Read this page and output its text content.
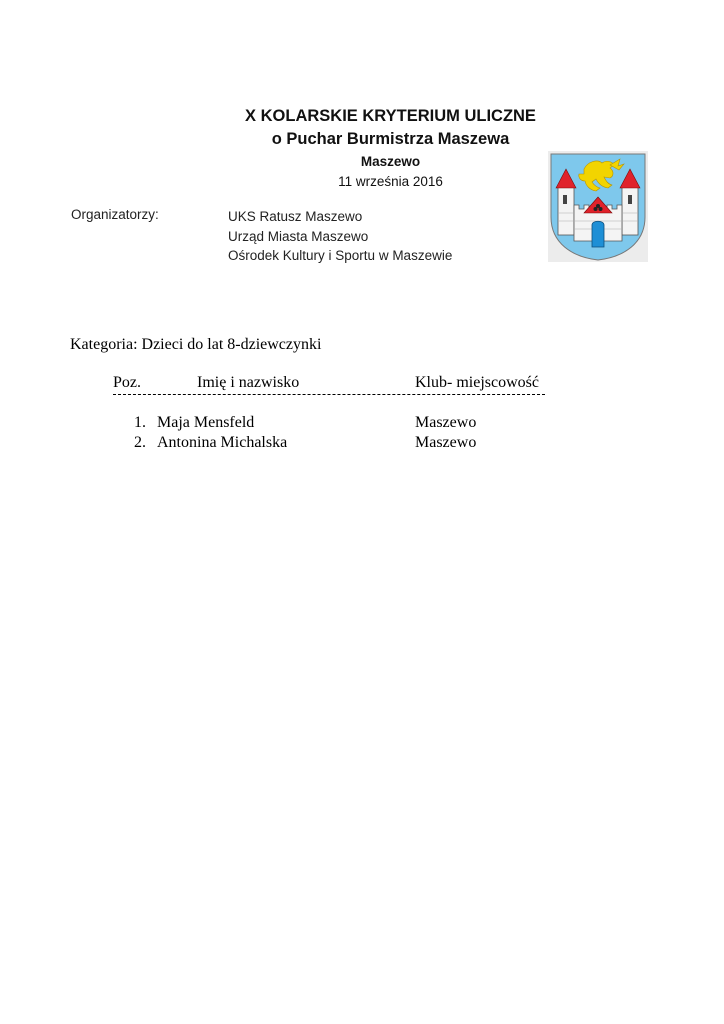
X KOLARSKIE KRYTERIUM ULICZNE
o Puchar Burmistrza Maszewa
Maszewo
11 września 2016
Organizatorzy:	UKS Ratusz Maszewo
Urząd Miasta Maszewo
Ośrodek Kultury i Sportu w Maszewie
Kategoria: Dzieci do lat 8-dziewczynki
Poz.	Imię i nazwisko	Klub- miejscowość
1. Maja Mensfeld	Maszewo
2. Antonina Michalska	Maszewo
